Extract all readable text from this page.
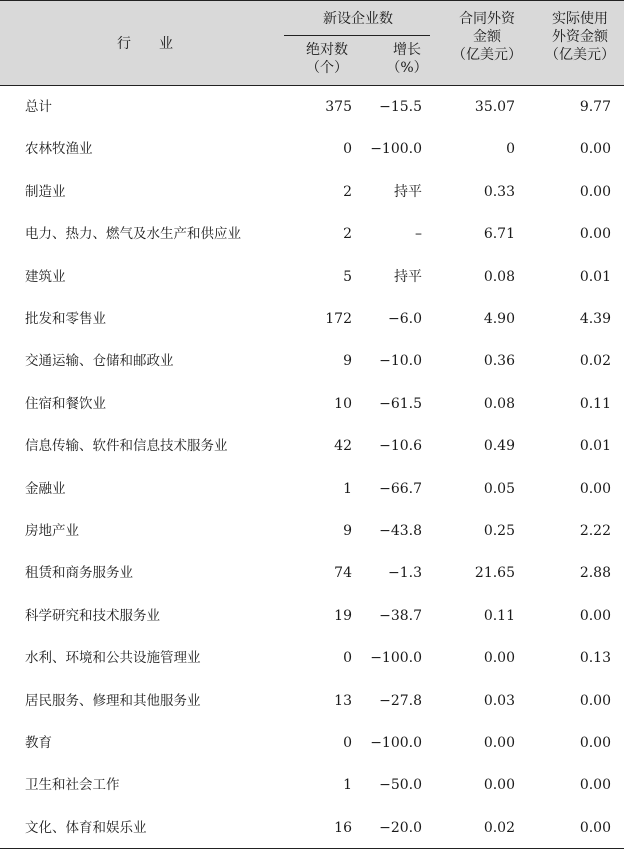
行　　业
新设企业数
绝对数
（个）
增长
（%）
合同外资
金额
（亿美元）
实际使用
外资金额
（亿美元）
总计	375 −15.5	35.07	9.77
农林牧渔业	0 −100.0	0	0.00
制造业	2	持平	0.33	0.00
电力、热力、燃气及水生产和供应业	2	–	6.71	0.00
建筑业	5	持平	0.08	0.01
批发和零售业	172	−6.0	4.90	4.39
交通运输、仓储和邮政业	9 −10.0	0.36	0.02
住宿和餐饮业	10 −61.5	0.08	0.11
信息传输、软件和信息技术服务业	42 −10.6	0.49	0.01
金融业	1 −66.7	0.05	0.00
房地产业	9 −43.8	0.25	2.22
租赁和商务服务业	74	−1.3	21.65	2.88
科学研究和技术服务业	19 −38.7	0.11	0.00
水利、环境和公共设施管理业	0 −100.0	0.00	0.13
居民服务、修理和其他服务业	13 −27.8	0.03	0.00
教育	0 −100.0	0.00	0.00
卫生和社会工作	1 −50.0	0.00	0.00
文化、体育和娱乐业	16 −20.0	0.02	0.00
